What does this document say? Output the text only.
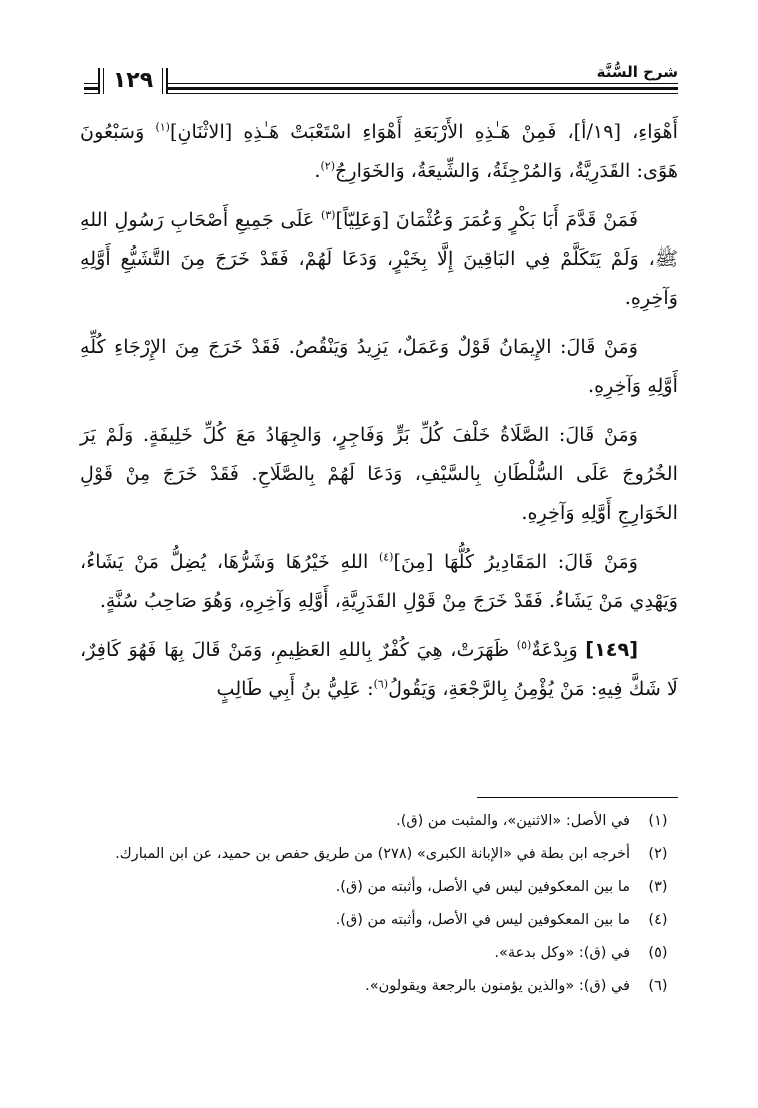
١٢٩	شرح السُّنَّة

أَهْوَاءِ، [١٩/أ]، فَمِنْ هَـٰذِهِ الأَرْبَعَةِ أَهْوَاءِ اسْتَعْبَتْ هَـٰذِهِ [الاثْنَانِ]$^{(١)}$ وَسَبْعُونَ هَوًى: القَدَرِيَّةُ، وَالمُرْجِئَةُ، وَالشِّيعَةُ، وَالخَوَارِجُ$^{(٢)}$.

فَمَنْ قَدَّمَ أَبَا بَكْرٍ وَعُمَرَ وَعُثْمَانَ [وَعَلِيّاً]$^{(٣)}$ عَلَى جَمِيعِ أَصْحَابِ رَسُولِ اللهِ ﷺ، وَلَمْ يَتَكَلَّمْ فِي البَاقِينَ إِلَّا بِخَيْرٍ، وَدَعَا لَهُمْ، فَقَدْ خَرَجَ مِنَ التَّشَيُّعِ أَوَّلِهِ وَآخِرِهِ.

وَمَنْ قَالَ: الإِيمَانُ قَوْلٌ وَعَمَلٌ، يَزِيدُ وَيَنْقُصُ. فَقَدْ خَرَجَ مِنَ الإِرْجَاءِ كُلِّهِ أَوَّلِهِ وَآخِرِهِ.

وَمَنْ قَالَ: الصَّلَاةُ خَلْفَ كُلِّ بَرٍّ وَفَاجِرٍ، وَالجِهَادُ مَعَ كُلِّ خَلِيفَةٍ. وَلَمْ يَرَ الخُرُوجَ عَلَى السُّلْطَانِ بِالسَّيْفِ، وَدَعَا لَهُمْ بِالصَّلَاحِ. فَقَدْ خَرَجَ مِنْ قَوْلِ الخَوَارِجِ أَوَّلِهِ وَآخِرِهِ.

وَمَنْ قَالَ: المَقَادِيرُ كُلُّهَا [مِنَ]$^{(٤)}$ اللهِ خَيْرُهَا وَشَرُّهَا، يُضِلُّ مَنْ يَشَاءُ، وَيَهْدِي مَنْ يَشَاءُ. فَقَدْ خَرَجَ مِنْ قَوْلِ القَدَرِيَّةِ، أَوَّلِهِ وَآخِرِهِ، وَهُوَ صَاحِبُ سُنَّةٍ.

[١٤٩] وَبِدْعَةٌ$^{(٥)}$ ظَهَرَتْ، هِيَ كُفْرٌ بِاللهِ العَظِيمِ، وَمَنْ قَالَ بِهَا فَهُوَ كَافِرٌ، لَا شَكَّ فِيهِ: مَنْ يُؤْمِنُ بِالرَّجْعَةِ، وَيَقُولُ$^{(٦)}$: عَلِيُّ بنُ أَبِي طَالِبٍ

(١)
في الأصل: «الاثنين»، والمثبت من (ق).
(٢)
أخرجه ابن بطة في «الإبانة الكبرى» (٢٧٨) من طريق حفص بن حميد، عن ابن المبارك.
(٣)
ما بين المعكوفين ليس في الأصل، وأثبته من (ق).
(٤)
ما بين المعكوفين ليس في الأصل، وأثبته من (ق).
(٥)
في (ق): «وكل بدعة».
(٦)
في (ق): «والذين يؤمنون بالرجعة ويقولون».
